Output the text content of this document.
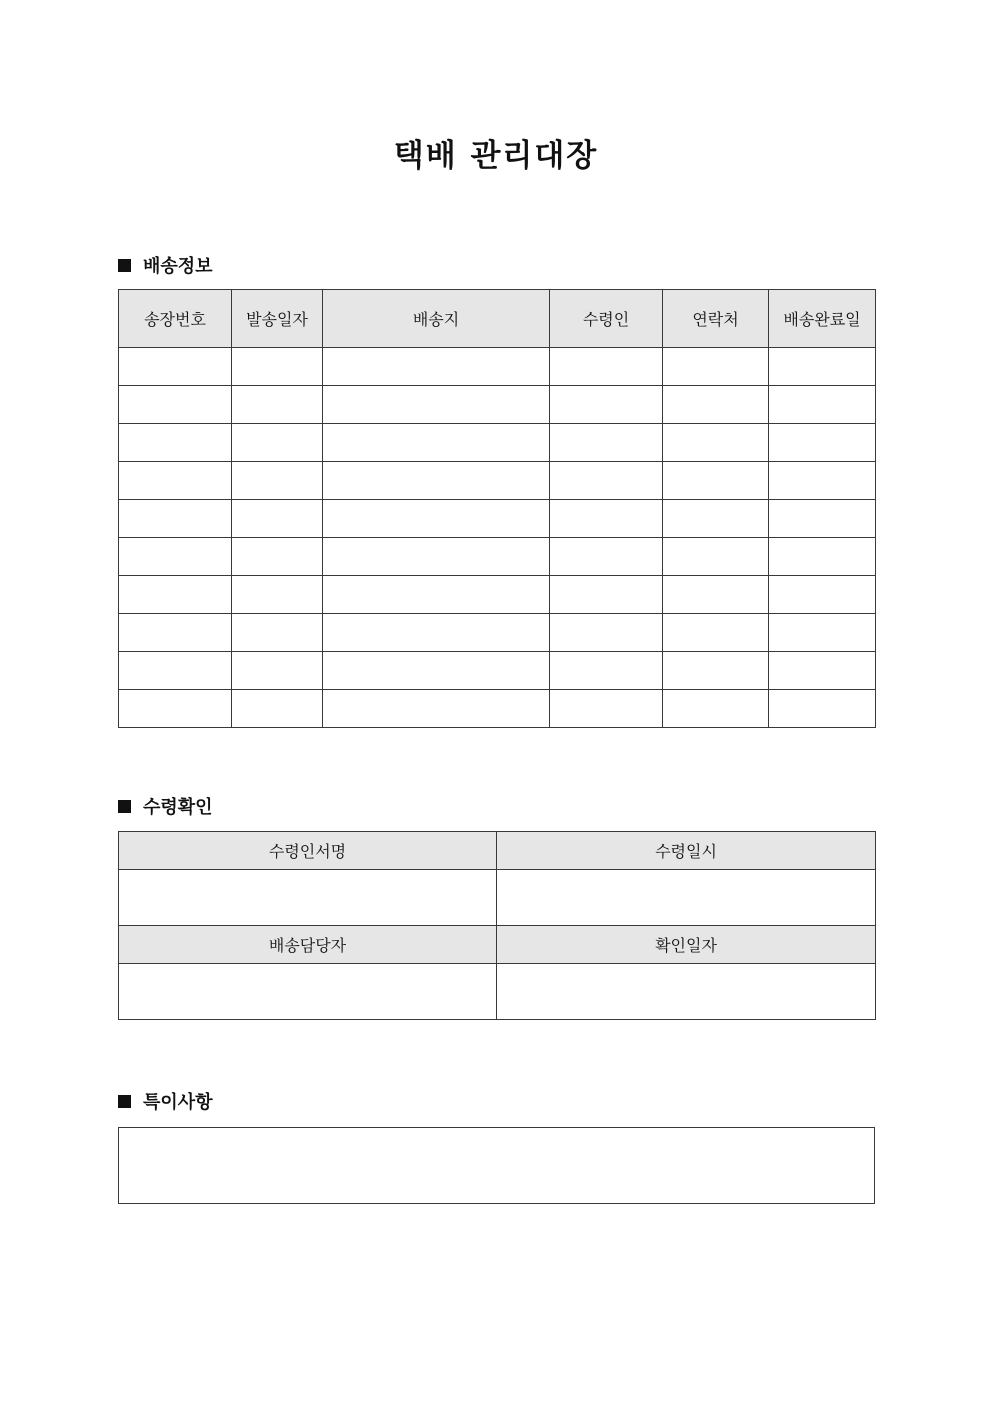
택배 관리대장
배송정보
송장번호	발송일자	배송지	수령인	연락처	배송완료일

수령확인
수령인서명	수령일시

배송담당자	확인일자

특이사항
